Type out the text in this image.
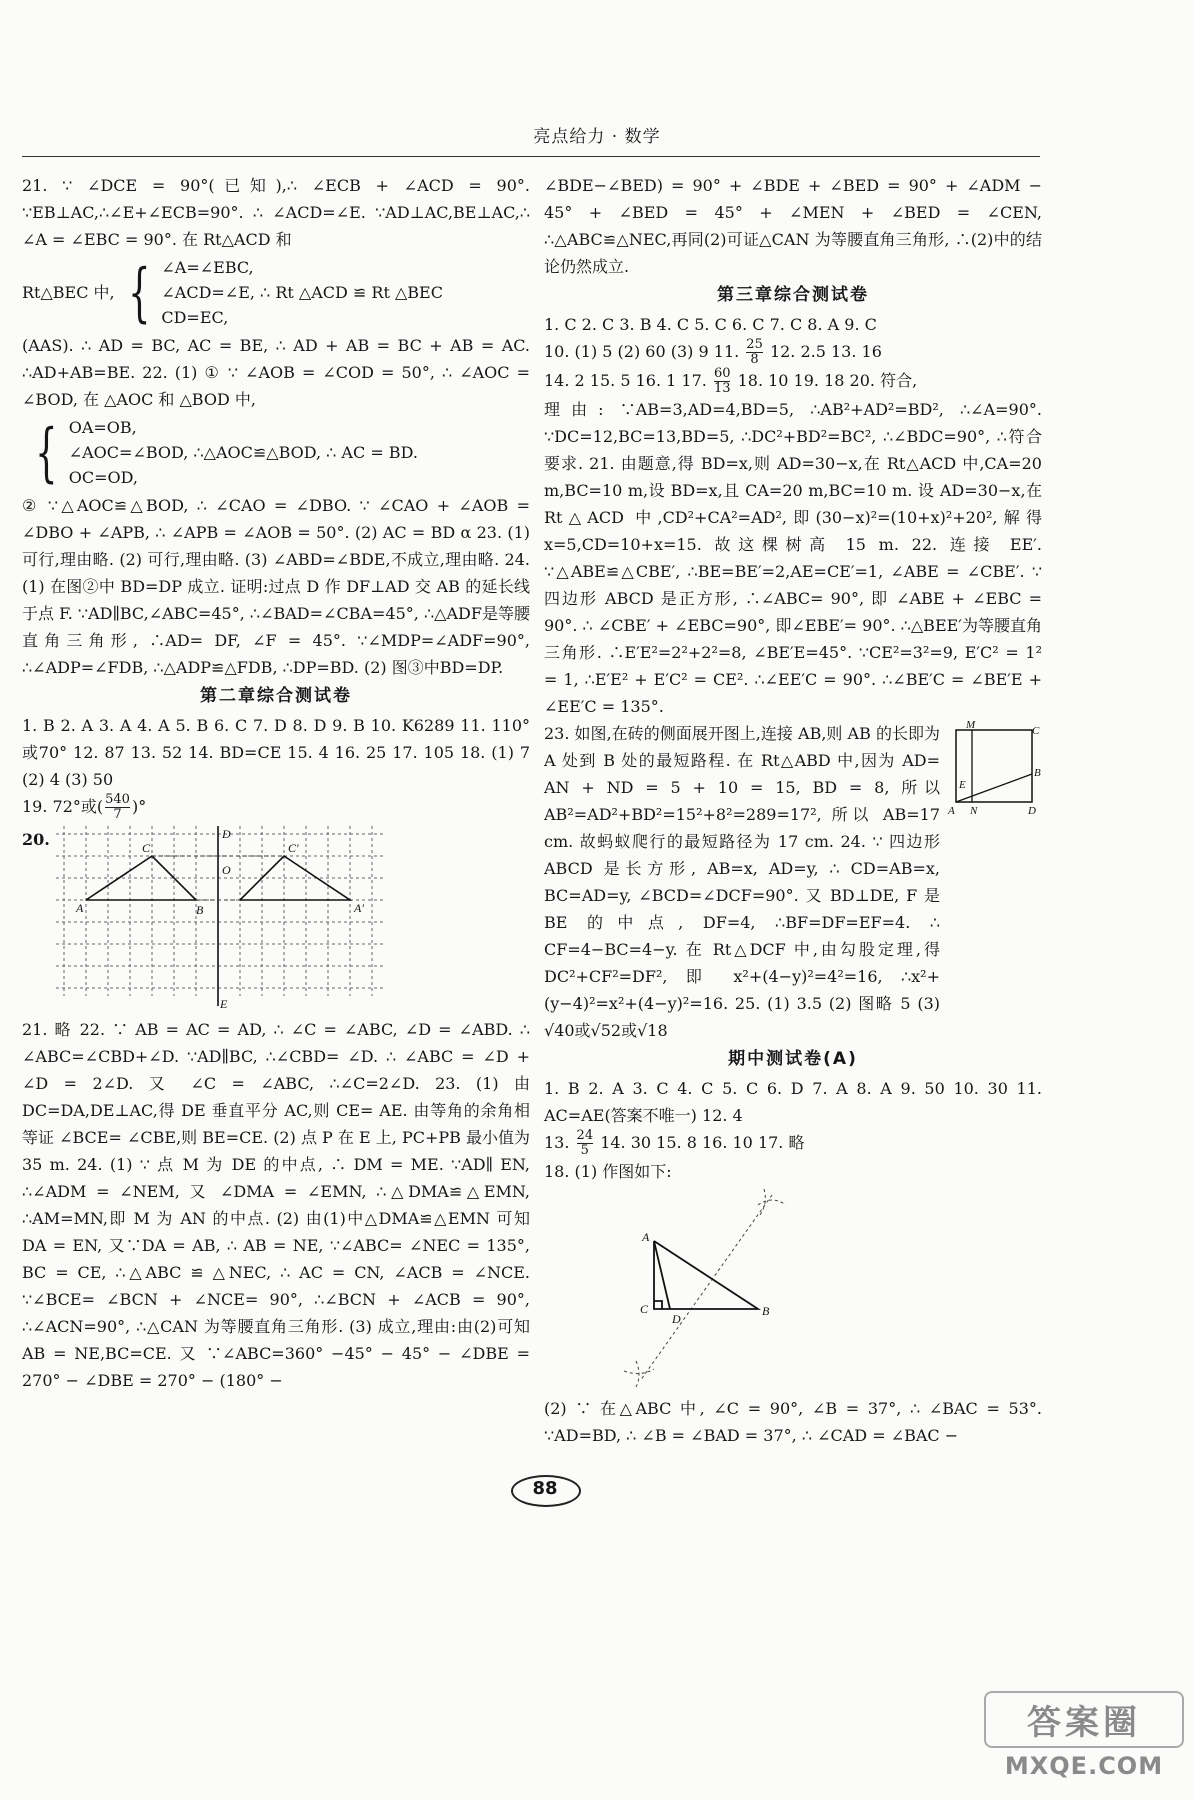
亮点给力 · 数学

21. ∵ ∠DCE = 90°(已知),∴ ∠ECB + ∠ACD = 90°. ∵EB⊥AC,∴∠E+∠ECB=90°. ∴ ∠ACD=∠E. ∵AD⊥AC,BE⊥AC,∴ ∠A = ∠EBC = 90°. 在 Rt△ACD 和

Rt△BEC 中, { ∠A=∠EBC,
∠ACD=∠E, ∴ Rt △ACD ≌ Rt △BEC
CD=EC,

(AAS). ∴ AD = BC, AC = BE, ∴ AD + AB = BC + AB = AC. ∴AD+AB=BE. 22. (1) ① ∵ ∠AOB = ∠COD = 50°, ∴ ∠AOC = ∠BOD, 在 △AOC 和 △BOD 中,

{ OA=OB,
∠AOC=∠BOD, ∴△AOC≌△BOD, ∴ AC = BD.
OC=OD,

② ∵△AOC≌△BOD, ∴ ∠CAO = ∠DBO. ∵ ∠CAO + ∠AOB = ∠DBO + ∠APB, ∴ ∠APB = ∠AOB = 50°. (2) AC = BD α 23. (1) 可行,理由略. (2) 可行,理由略. (3) ∠ABD=∠BDE,不成立,理由略. 24. (1) 在图②中 BD=DP 成立. 证明:过点 D 作 DF⊥AD 交 AB 的延长线于点 F. ∵AD∥BC,∠ABC=45°, ∴∠BAD=∠CBA=45°, ∴△ADF是等腰直角三角形, ∴AD= DF, ∠F = 45°. ∵∠MDP=∠ADF=90°, ∴∠ADP=∠FDB, ∴△ADP≌△FDB, ∴DP=BD. (2) 图③中BD=DP.

第二章综合测试卷

1. B 2. A 3. A 4. A 5. B 6. C 7. D 8. D 9. B 10. K6289 11. 110°或70° 12. 87 13. 52 14. BD=CE 15. 4 16. 25 17. 105 18. (1) 7 (2) 4 (3) 50

19. 72°或( $\frac{540}{7}$ )°

20.
A	B
C
D
E
O
A′
C′

21. 略 22. ∵ AB = AC = AD, ∴ ∠C = ∠ABC, ∠D = ∠ABD. ∴ ∠ABC=∠CBD+∠D. ∵AD∥BC, ∴∠CBD= ∠D. ∴ ∠ABC = ∠D + ∠D = 2∠D. 又 ∠C = ∠ABC, ∴∠C=2∠D. 23. (1) 由DC=DA,DE⊥AC,得 DE 垂直平分 AC,则 CE= AE. 由等角的余角相等证 ∠BCE= ∠CBE,则 BE=CE. (2) 点 P 在 E 上, PC+PB 最小值为 35 m. 24. (1) ∵ 点 M 为 DE 的中点, ∴ DM = ME. ∵AD∥ EN, ∴∠ADM = ∠NEM, 又 ∠DMA = ∠EMN, ∴△DMA≌△EMN, ∴AM=MN,即 M 为 AN 的中点. (2) 由(1)中△DMA≌△EMN 可知 DA = EN, 又∵DA = AB, ∴ AB = NE, ∵∠ABC= ∠NEC = 135°, BC = CE, ∴△ABC ≌ △NEC, ∴ AC = CN, ∠ACB = ∠NCE. ∵∠BCE= ∠BCN + ∠NCE= 90°, ∴∠BCN + ∠ACB = 90°, ∴∠ACN=90°, ∴△CAN 为等腰直角三角形. (3) 成立,理由:由(2)可知 AB = NE,BC=CE. 又 ∵∠ABC=360° −45° − 45° − ∠DBE = 270° − ∠DBE = 270° − (180° −

∠BDE−∠BED) = 90° + ∠BDE + ∠BED = 90° + ∠ADM − 45° + ∠BED = 45° + ∠MEN + ∠BED = ∠CEN, ∴△ABC≌△NEC,再同(2)可证△CAN 为等腰直角三角形, ∴(2)中的结论仍然成立.

第三章综合测试卷

1. C 2. C 3. B 4. C 5. C 6. C 7. C 8. A 9. C

10. (1) 5 (2) 60 (3) 9 11. $\frac{25}{8} 12$. 2.5 13. 16

14. 2 15. 5 16. 1 17. $\frac{60}{13} 18$. 10 19. 18 20. 符合,

理由: ∵AB=3,AD=4,BD=5, ∴AB²+AD²=BD², ∴∠A=90°. ∵DC=12,BC=13,BD=5, ∴DC²+BD²=BC², ∴∠BDC=90°, ∴符合要求. 21. 由题意,得 BD=x,则 AD=30−x,在 Rt△ACD 中,CA=20 m,BC=10 m,设 BD=x,且 CA=20 m,BC=10 m. 设 AD=30−x,在 Rt△ACD 中,CD²+CA²=AD²,即(30−x)²=(10+x)²+20²,解得 x=5,CD=10+x=15. 故这棵树高 15 m. 22. 连接 EE′. ∵△ABE≌△CBE′, ∴BE=BE′=2,AE=CE′=1, ∠ABE = ∠CBE′. ∵ 四边形 ABCD 是正方形, ∴∠ABC= 90°, 即 ∠ABE + ∠EBC = 90°. ∴ ∠CBE′ + ∠EBC=90°, 即∠EBE′= 90°. ∴△BEE′为等腰直角三角形. ∴E′E²=2²+2²=8, ∠BE′E=45°. ∵CE²=3²=9, E′C² = 1² = 1, ∴E′E² + E′C² = CE². ∴∠EE′C = 90°. ∴∠BE′C = ∠BE′E + ∠EE′C = 135°.

23. 如图,在砖的侧面展开图上,连接 AB,则 AB 的长即为 A 处到 B 处的最短路程. 在 Rt△ABD 中,因为 AD= AN + ND = 5 + 10 = 15, BD = 8, 所以 AB²=AD²+BD²=15²+8²=289=17², 所以 AB=17 cm. 故蚂蚁爬行的最短路径为 17 cm. 24. ∵ 四边形 ABCD 是长方形, AB=x, AD=y, ∴ CD=AB=x, BC=AD=y, ∠BCD=∠DCF=90°. 又 BD⊥DE, F 是 BE 的中点, DF=4, ∴BF=DF=EF=4. ∴ CF=4−BC=4−y. 在 Rt△DCF 中,由勾股定理,得 DC²+CF²=DF², 即 x²+(4−y)²=4²=16, ∴x²+(y−4)²=x²+(4−y)²=16. 25. (1) 3.5 (2) 图略 5 (3) √40或√52或√18

M	C
B
E
A N	D
期中测试卷(A)

1. B 2. A 3. C 4. C 5. C 6. D 7. A 8. A 9. 50 10. 30 11. AC=AE(答案不唯一) 12. 4

13. $\frac{24}{5} 14$. 30 15. 8 16. 10 17. 略

18. (1) 作图如下:

A
C
D
B

(2) ∵ 在△ABC 中, ∠C = 90°, ∠B = 37°, ∴ ∠BAC = 53°. ∵AD=BD, ∴ ∠B = ∠BAD = 37°, ∴ ∠CAD = ∠BAC −

88
答案圈
MXQE.COM
